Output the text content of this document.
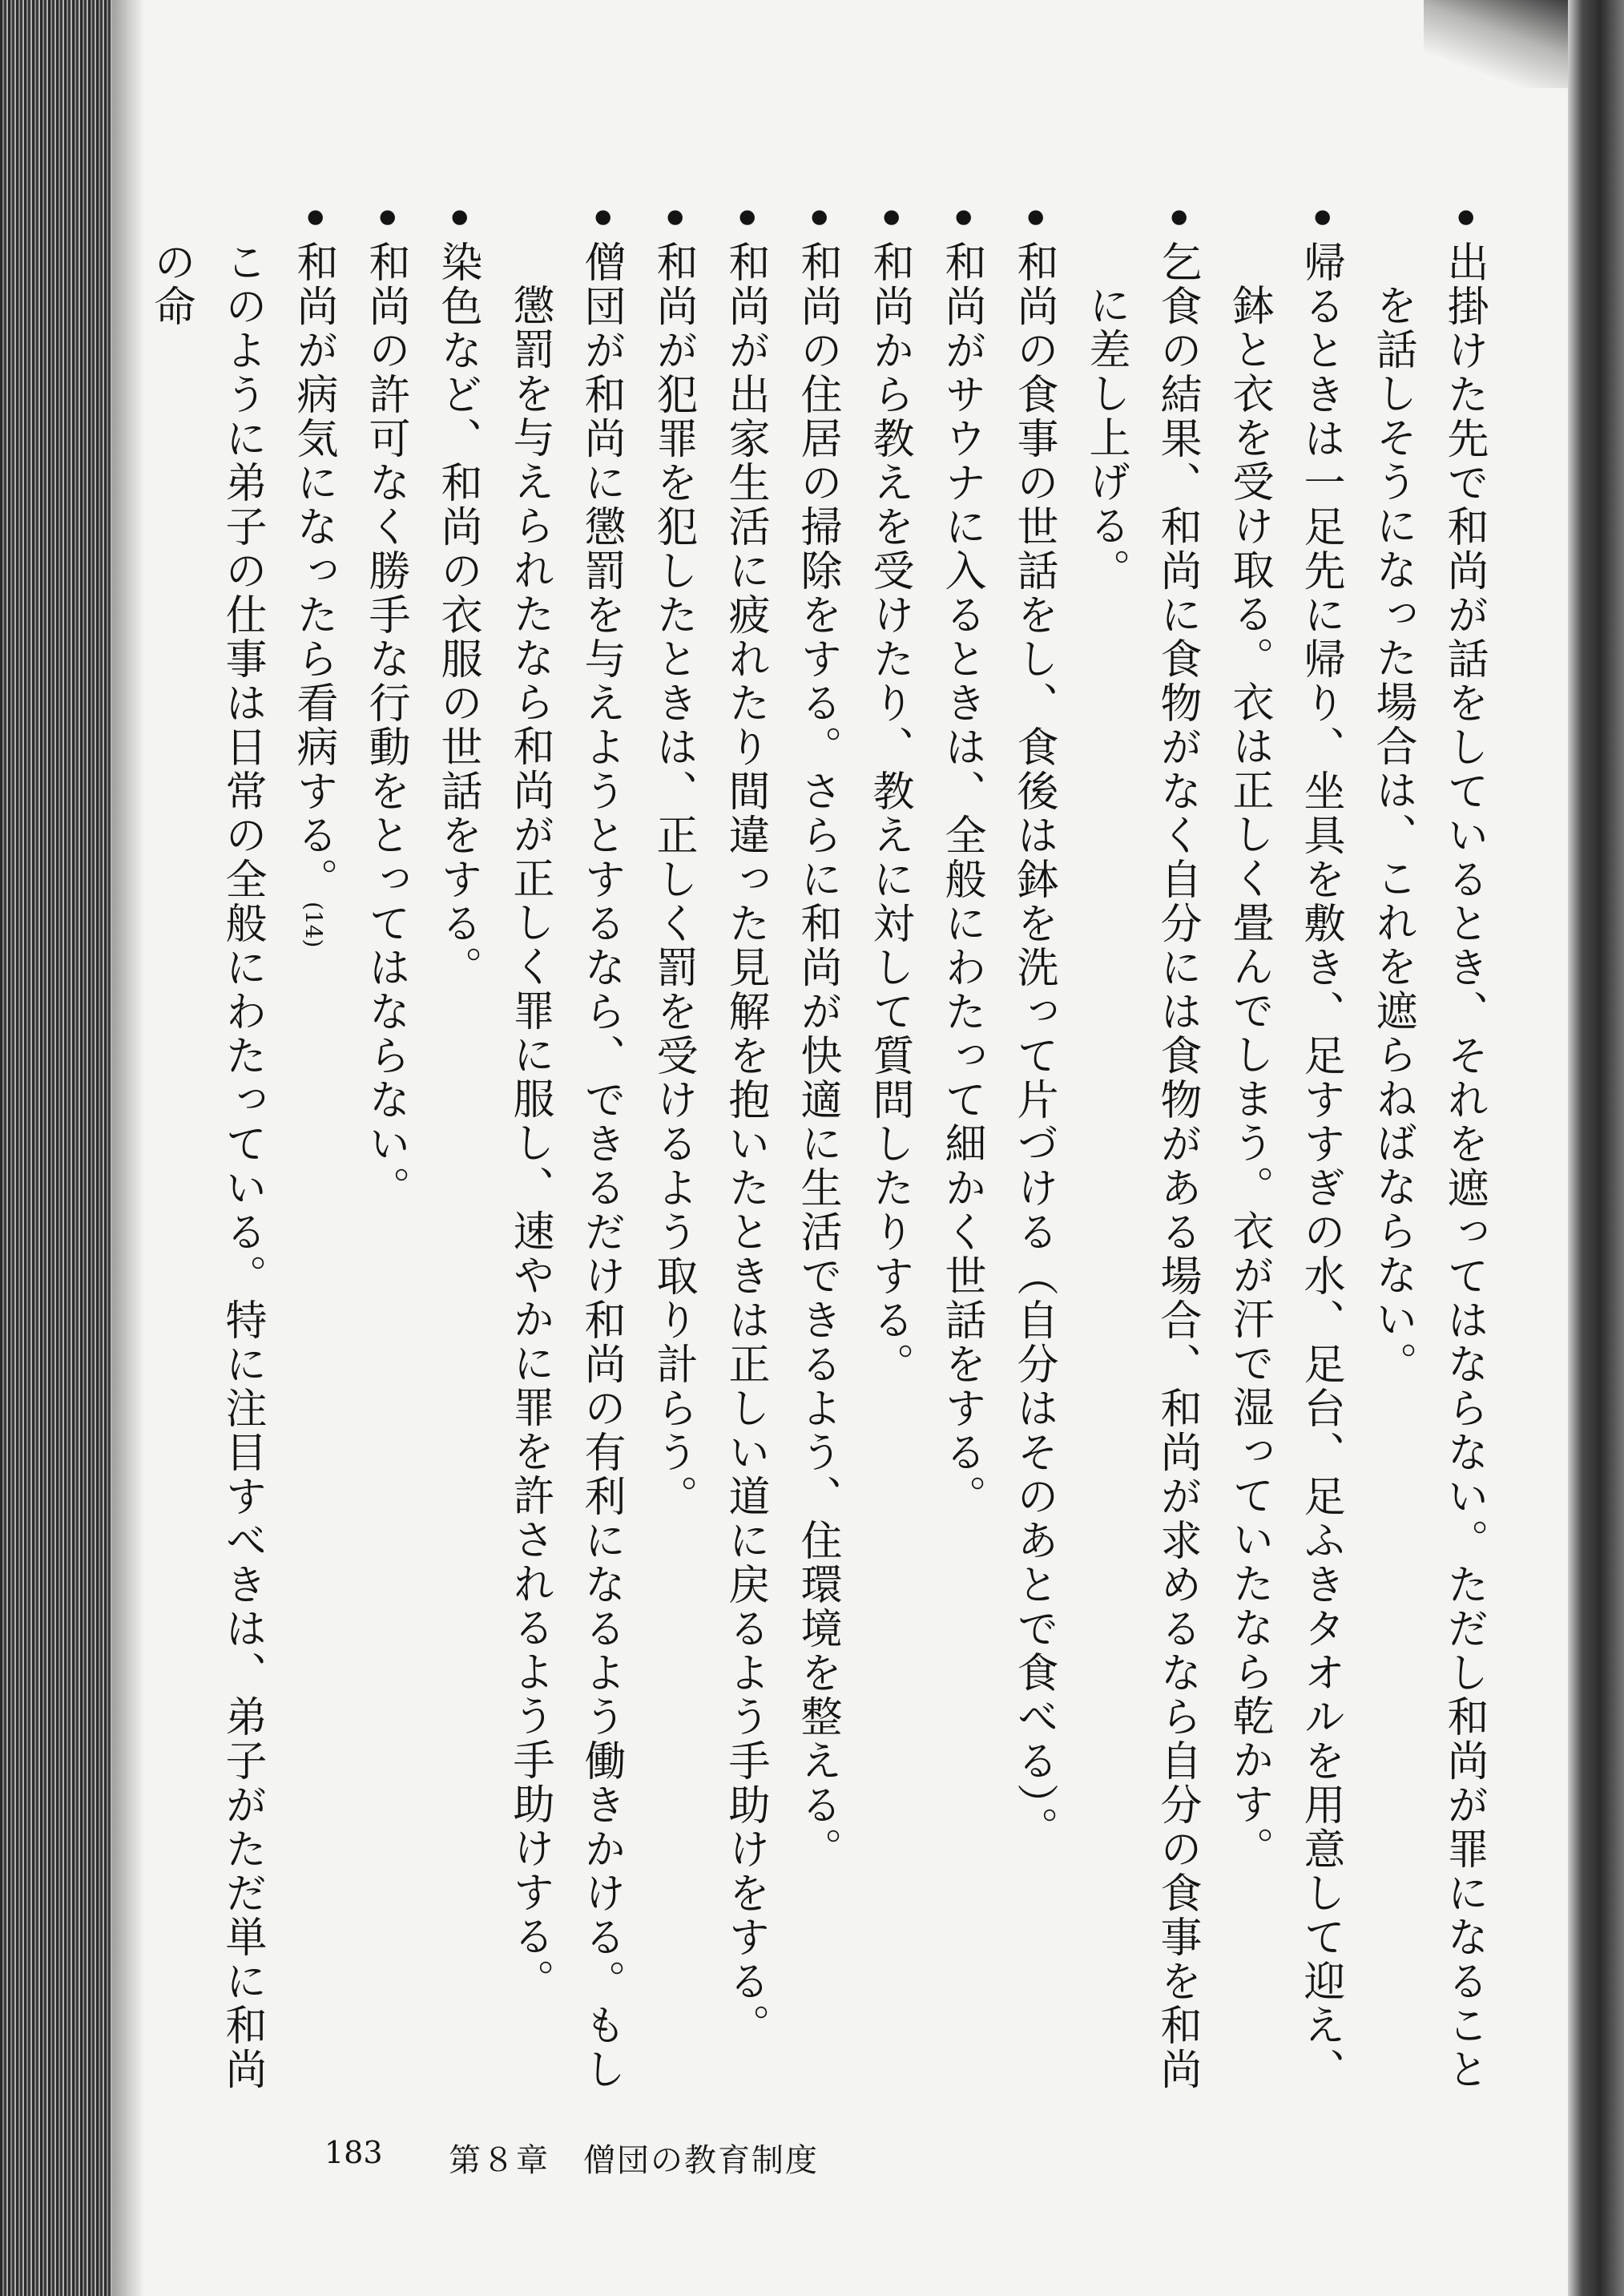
•出掛けた先で和尚が話をしているとき、それを遮ってはならない。ただし和尚が罪になることを話しそうになった場合は、これを遮らねばならない。

•帰るときは一足先に帰り、坐具を敷き、足すすぎの水、足台、足ふきタオルを用意して迎え、鉢と衣を受け取る。衣は正しく畳んでしまう。衣が汗で湿っていたなら乾かす。

•乞食の結果、和尚に食物がなく自分には食物がある場合、和尚が求めるなら自分の食事を和尚に差し上げる。

•和尚の食事の世話をし、食後は鉢を洗って片づける（自分はそのあとで食べる）。

•和尚がサウナに入るときは、全般にわたって細かく世話をする。

•和尚から教えを受けたり、教えに対して質問したりする。

•和尚の住居の掃除をする。さらに和尚が快適に生活できるよう、住環境を整える。

•和尚が出家生活に疲れたり間違った見解を抱いたときは正しい道に戻るよう手助けをする。

•和尚が犯罪を犯したときは、正しく罰を受けるよう取り計らう。

•僧団が和尚に懲罰を与えようとするなら、できるだけ和尚の有利になるよう働きかける。もし懲罰を与えられたなら和尚が正しく罪に服し、速やかに罪を許されるよう手助けする。

•染色など、和尚の衣服の世話をする。

•和尚の許可なく勝手な行動をとってはならない。

•和尚が病気になったら看病する。(14)

このように弟子の仕事は日常の全般にわたっている。特に注目すべきは、弟子がただ単に和尚の命

183 第８章　僧団の教育制度
